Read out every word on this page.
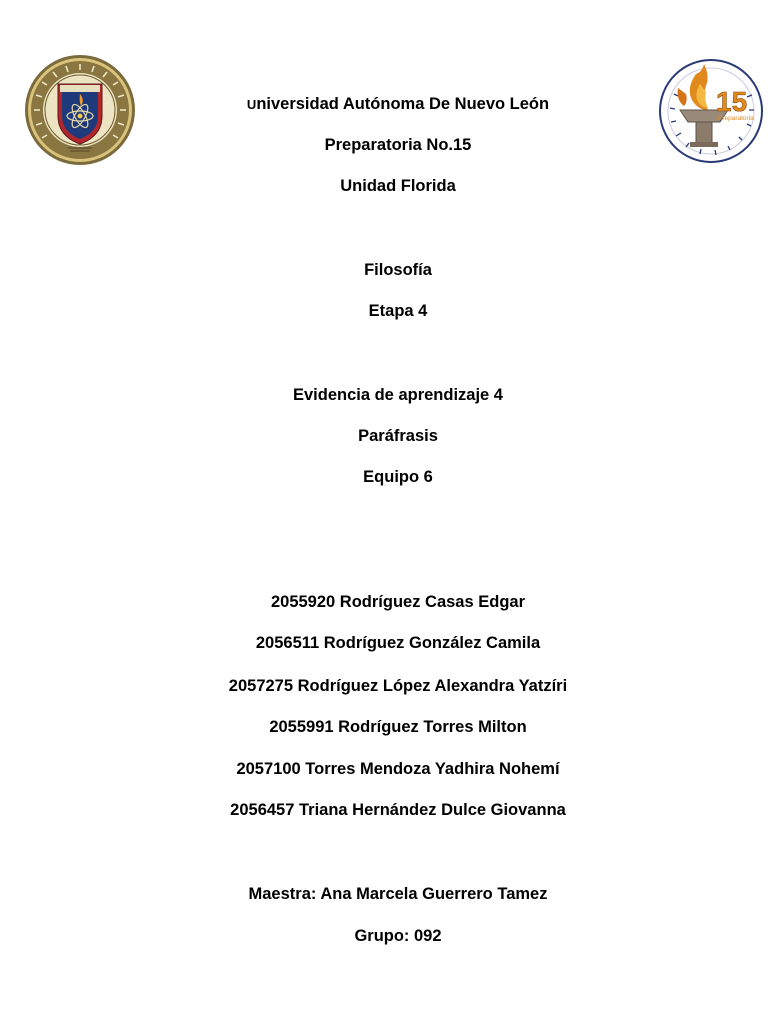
15
Preparatoria
Universidad Autónoma De Nuevo León
Preparatoria No.15
Unidad Florida
Filosofía
Etapa 4
Evidencia de aprendizaje 4
Paráfrasis
Equipo 6
2055920 Rodríguez Casas Edgar
2056511 Rodríguez González Camila
2057275 Rodríguez López Alexandra Yatzíri
2055991 Rodríguez Torres Milton
2057100 Torres Mendoza Yadhira Nohemí
2056457 Triana Hernández Dulce Giovanna
Maestra: Ana Marcela Guerrero Tamez
Grupo: 092
